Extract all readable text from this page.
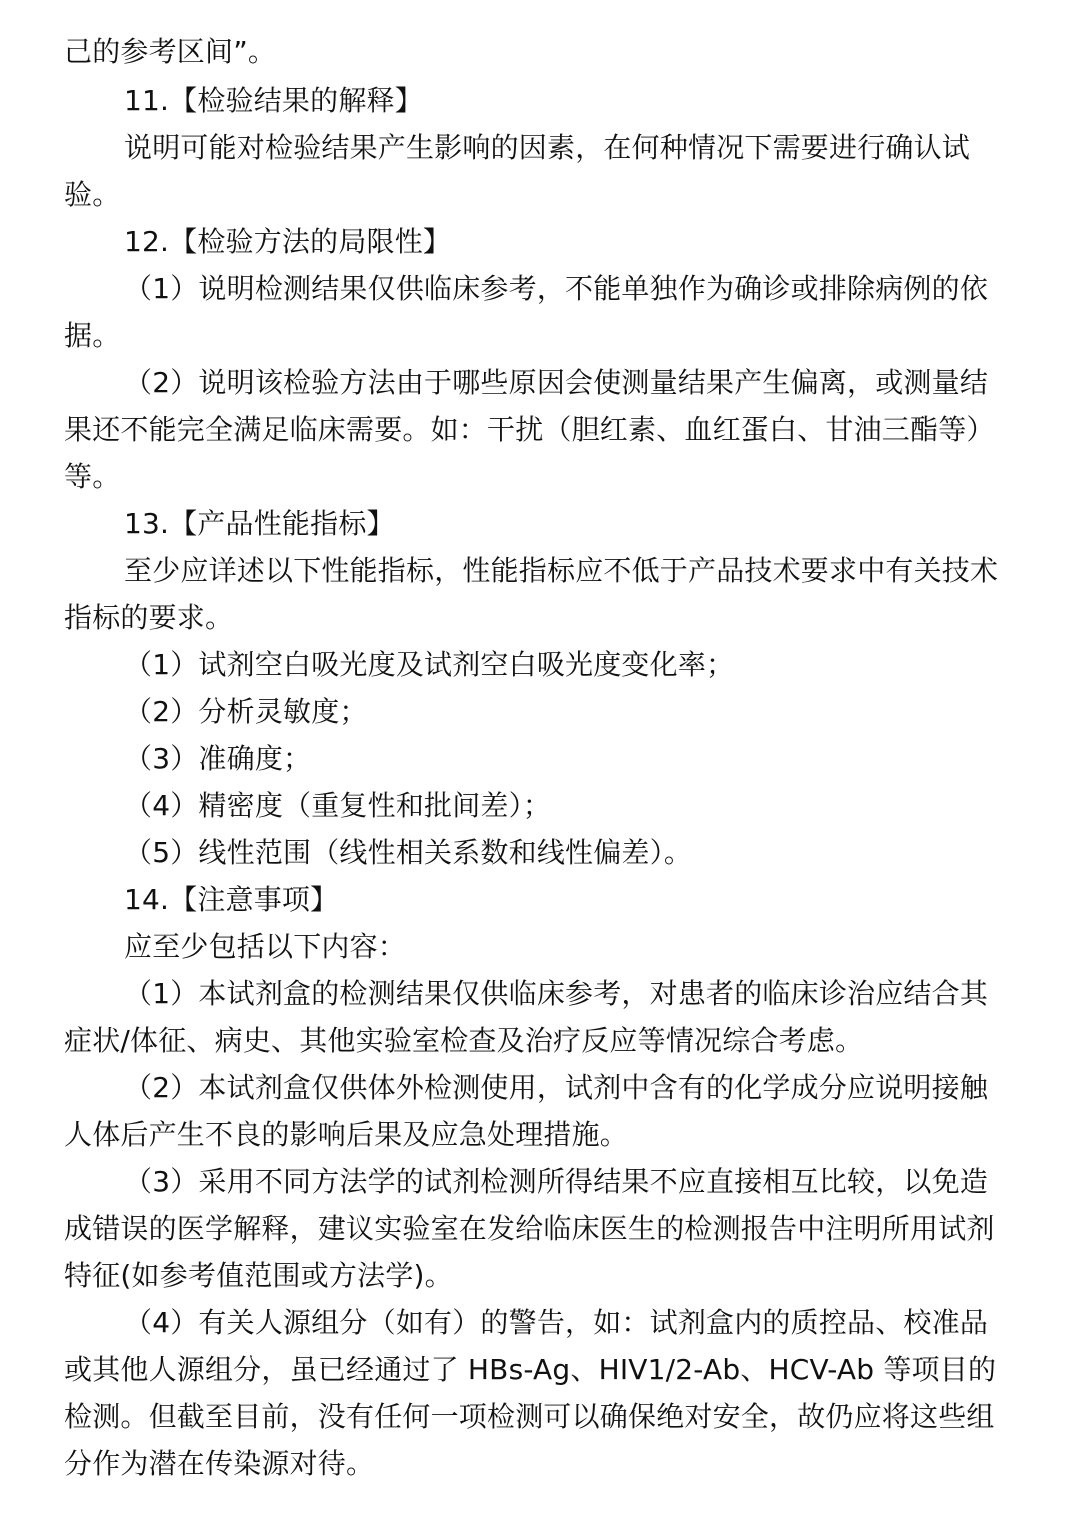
己的参考区间”。
11.【检验结果的解释】
说明可能对检验结果产生影响的因素，在何种情况下需要进行确认试
验。
12.【检验方法的局限性】
（1）说明检测结果仅供临床参考，不能单独作为确诊或排除病例的依
据。
（2）说明该检验方法由于哪些原因会使测量结果产生偏离，或测量结
果还不能完全满足临床需要。如：干扰（胆红素、血红蛋白、甘油三酯等）
等。
13.【产品性能指标】
至少应详述以下性能指标，性能指标应不低于产品技术要求中有关技术
指标的要求。
（1）试剂空白吸光度及试剂空白吸光度变化率；
（2）分析灵敏度；
（3）准确度；
（4）精密度（重复性和批间差）；
（5）线性范围（线性相关系数和线性偏差）。
14.【注意事项】
应至少包括以下内容：
（1）本试剂盒的检测结果仅供临床参考，对患者的临床诊治应结合其
症状/体征、病史、其他实验室检查及治疗反应等情况综合考虑。
（2）本试剂盒仅供体外检测使用，试剂中含有的化学成分应说明接触
人体后产生不良的影响后果及应急处理措施。
（3）采用不同方法学的试剂检测所得结果不应直接相互比较，以免造
成错误的医学解释，建议实验室在发给临床医生的检测报告中注明所用试剂
特征(如参考值范围或方法学)。
（4）有关人源组分（如有）的警告，如：试剂盒内的质控品、校准品
或其他人源组分，虽已经通过了 HBs-Ag、HIV1/2-Ab、HCV-Ab 等项目的
检测。但截至目前，没有任何一项检测可以确保绝对安全，故仍应将这些组
分作为潜在传染源对待。
